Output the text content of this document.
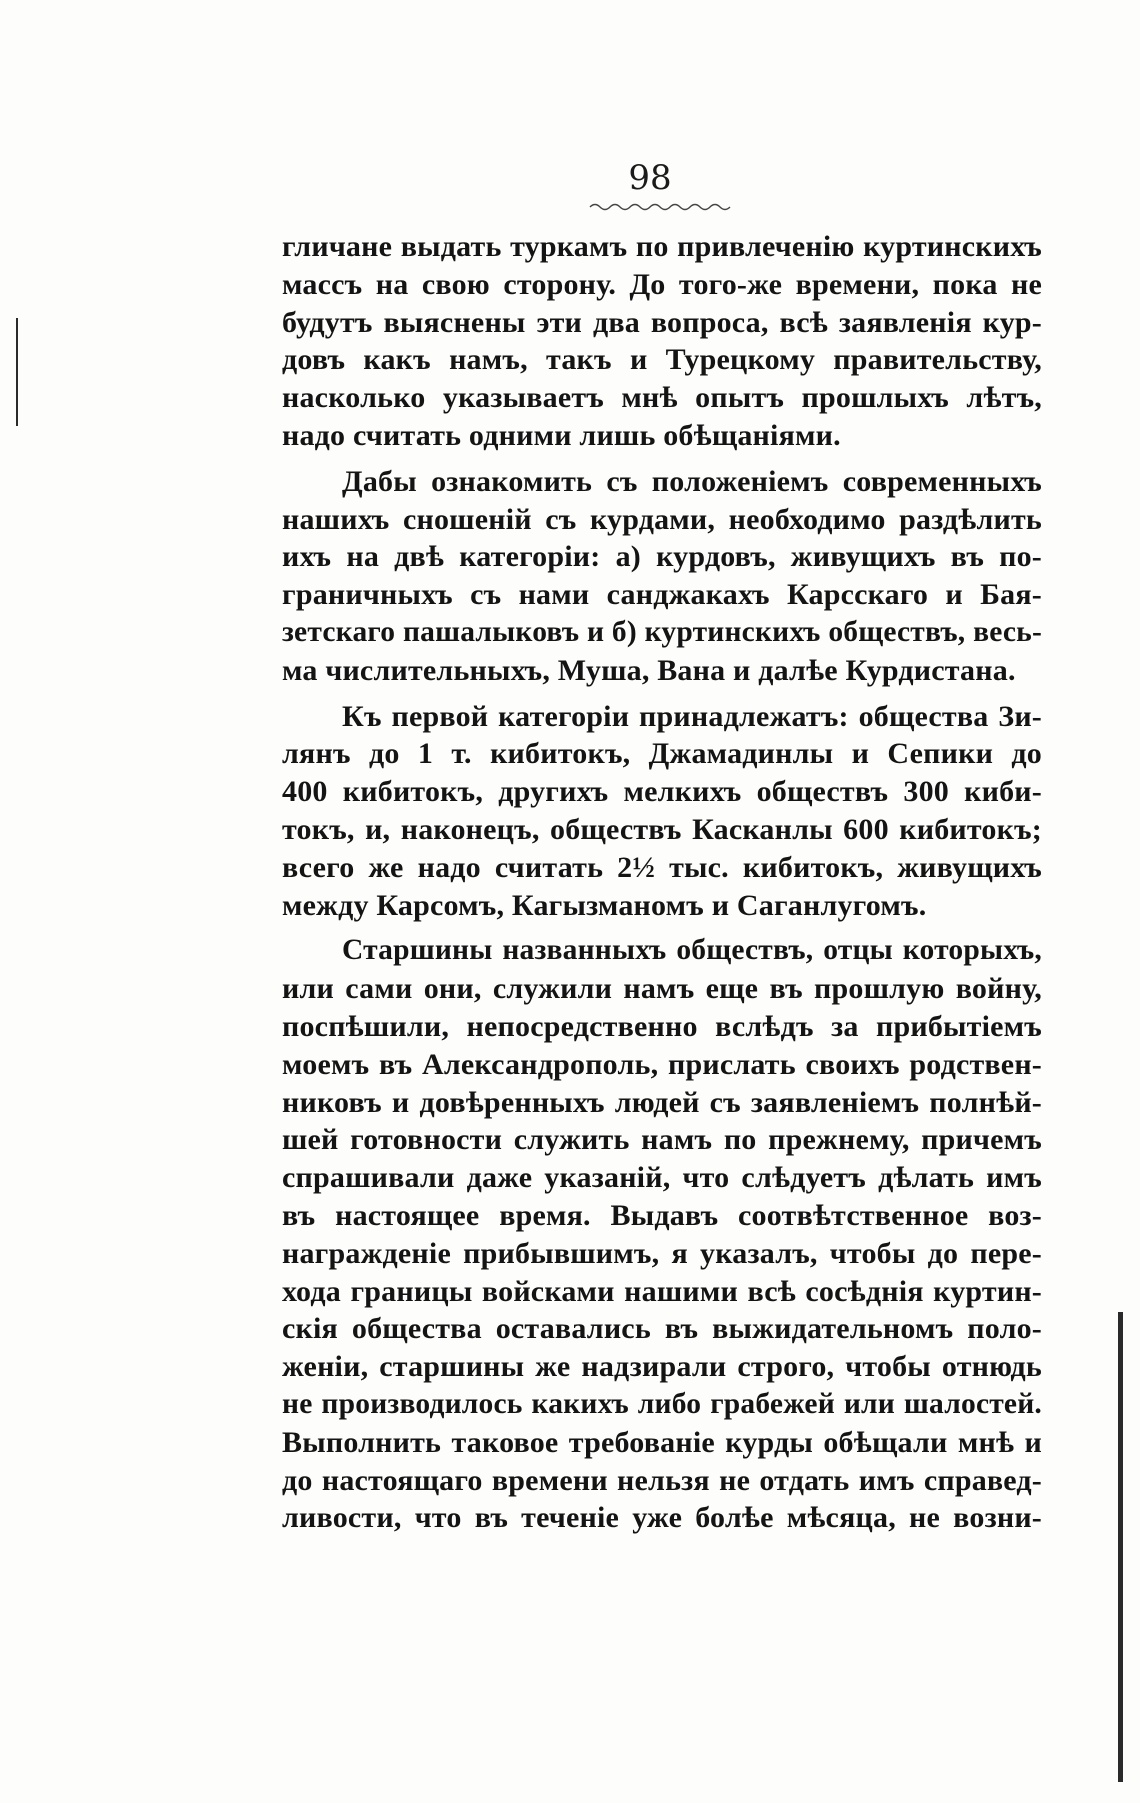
98
гличане выдать туркамъ по привлеченію куртинскихъ
массъ на свою сторону. До того-же времени, пока не
будутъ выяснены эти два вопроса, всѣ заявленія кур-
довъ какъ намъ, такъ и Турецкому правительству,
насколько указываетъ мнѣ опытъ прошлыхъ лѣтъ,
надо считать одними лишь обѣщаніями.
Дабы ознакомить съ положеніемъ современныхъ
нашихъ сношеній съ курдами, необходимо раздѣлить
ихъ на двѣ категоріи: а) курдовъ, живущихъ въ по-
граничныхъ съ нами санджакахъ Карсскаго и Бая-
зетскаго пашалыковъ и б) куртинскихъ обществъ, весь-
ма числительныхъ, Муша, Вана и далѣе Курдистана.
Къ первой категоріи принадлежатъ: общества Зи-
лянъ до 1 т. кибитокъ, Джамадинлы и Сепики до
400 кибитокъ, другихъ мелкихъ обществъ 300 киби-
токъ, и, наконецъ, обществъ Касканлы 600 кибитокъ;
всего же надо считать 2½ тыс. кибитокъ, живущихъ
между Карсомъ, Кагызманомъ и Саганлугомъ.
Старшины названныхъ обществъ, отцы которыхъ,
или сами они, служили намъ еще въ прошлую войну,
поспѣшили, непосредственно вслѣдъ за прибытіемъ
моемъ въ Александрополь, прислать своихъ родствен-
никовъ и довѣренныхъ людей съ заявленіемъ полнѣй-
шей готовности служить намъ по прежнему, причемъ
спрашивали даже указаній, что слѣдуетъ дѣлать имъ
въ настоящее время. Выдавъ соотвѣтственное воз-
награжденіе прибывшимъ, я указалъ, чтобы до пере-
хода границы войсками нашими всѣ сосѣднія куртин-
скія общества оставались въ выжидательномъ поло-
женіи, старшины же надзирали строго, чтобы отнюдь
не производилось какихъ либо грабежей или шалостей.
Выполнить таковое требованіе курды обѣщали мнѣ и
до настоящаго времени нельзя не отдать имъ справед-
ливости, что въ теченіе уже болѣе мѣсяца, не возни-
